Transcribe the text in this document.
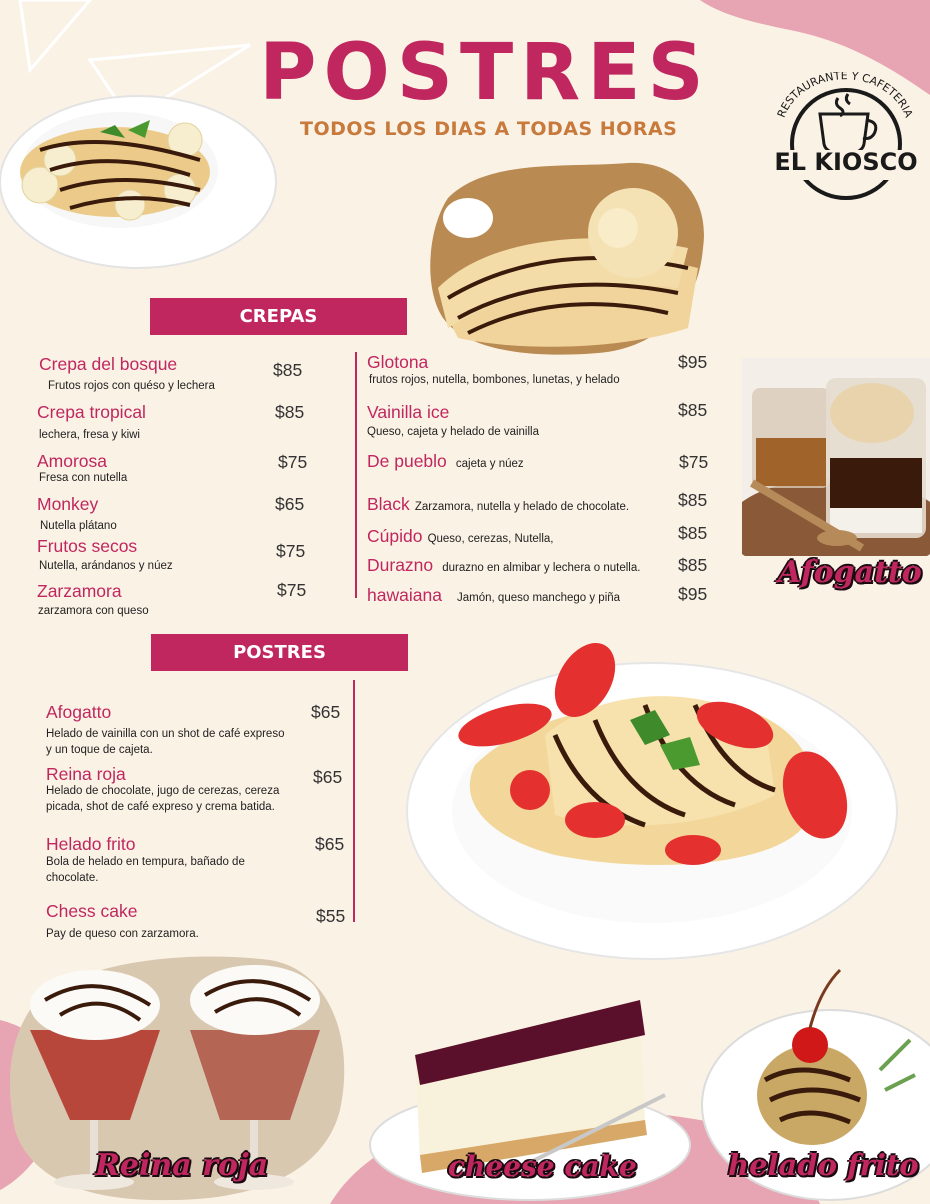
POSTRES
TODOS LOS DIAS A TODAS HORAS
RESTAURANTE Y CAFETERIA
EL KIOSCO
Afogatto
CREPAS
Crepa del bosque
Frutos rojos con quéso y lechera
$85
Crepa tropical
lechera, fresa y kiwi
$85
Amorosa
Fresa con nutella
$75
Monkey
Nutella plátano
$65
Frutos secos
Nutella, arándanos y núez
$75
Zarzamora
zarzamora con queso
$75
Glotona
frutos rojos, nutella, bombones, lunetas, y helado
$95
Vainilla ice
Queso, cajeta y helado de vainilla
$85
De pueblo cajeta y núez	$75
Black Zarzamora, nutella y helado de chocolate.	$85
Cúpido Queso, cerezas, Nutella,	$85
Durazno durazno en almibar y lechera o nutella. $85
hawaiana Jamón, queso manchego y piña	$95
POSTRES
Afogatto
Helado de vainilla con un shot de café expreso y un toque de cajeta.
$65
Reina roja
Helado de chocolate, jugo de cerezas, cereza picada, shot de café expreso y crema batida.
$65
Helado frito
Bola de helado en tempura, bañado de chocolate.
$65
Chess cake
Pay de queso con zarzamora.
$55
Reina roja	cheese cake	helado frito
